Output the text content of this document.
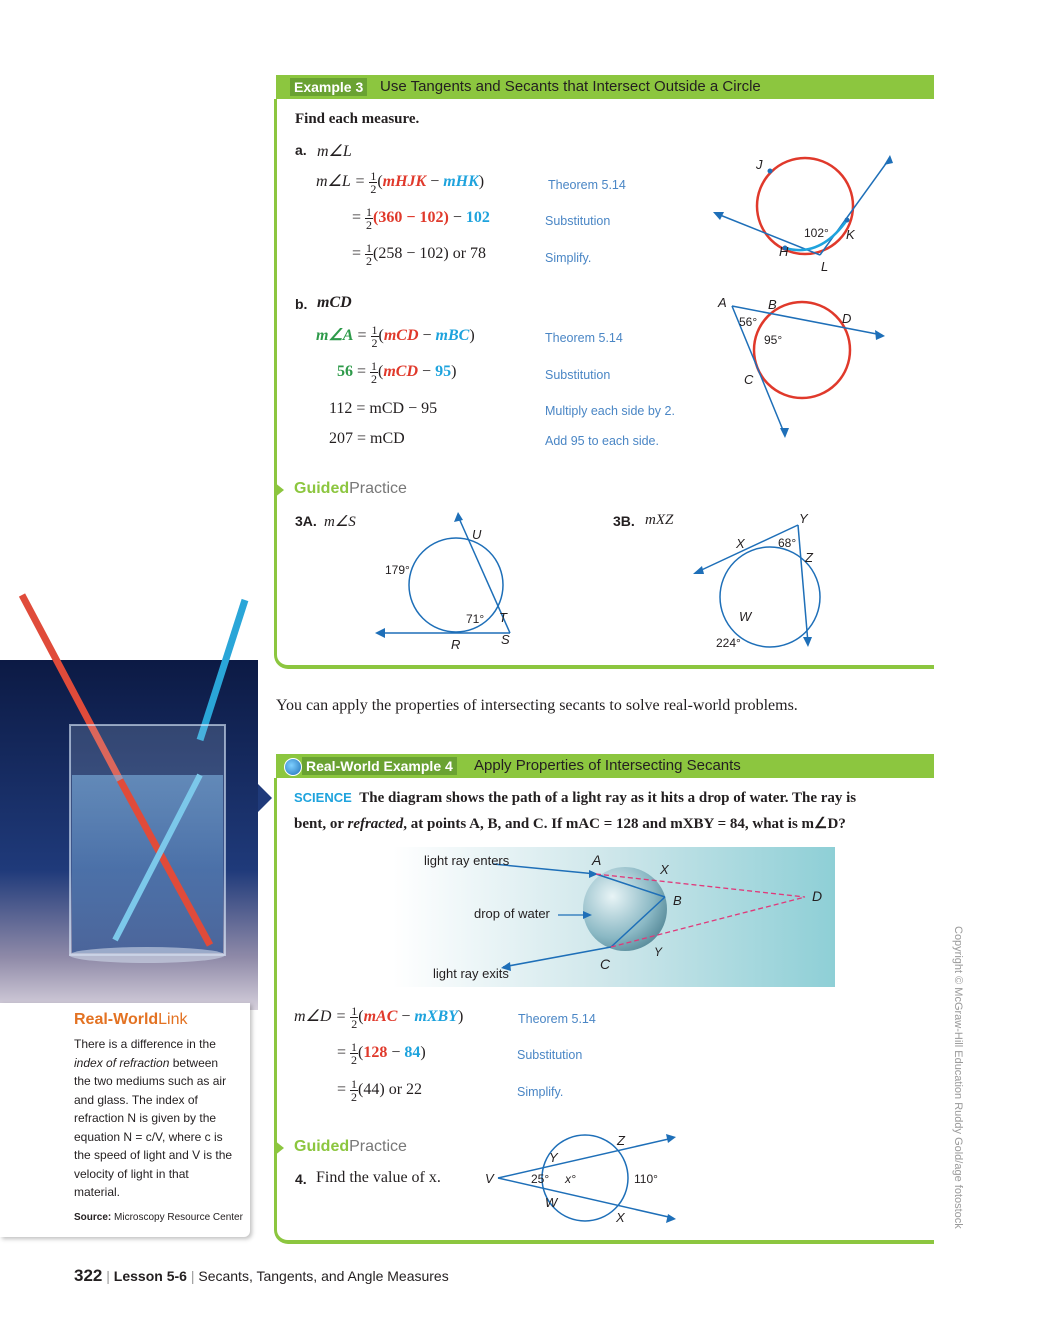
Example 3 Use Tangents and Secants that Intersect Outside a Circle
Find each measure.
a. m∠L
m∠L = $\frac{1}{2}$ (mHJK − mHK)	Theorem 5.14
= $\frac{1}{2} (360 - 102) - 102$	Substitution
= $\frac{1}{2} (258 - 102)$ or 78	Simplify.
J
K
H
L
102°
b. mCD
m∠A = $\frac{1}{2} (mCD - mBC)$	Theorem 5.14
$56 = \frac{1}{2} (mCD - 95)$	Substitution
112 = mCD − 95	Multiply each side by 2.
207 = mCD	Add 95 to each side.
A	B
D
C
56°
95°
GuidedPractice
3A. m∠S
U
179°
71° T
S
R
3B. mXZ	Y
X	68°
Z
W
224°
Real-WorldLink
There is a difference in the index of refraction between the two mediums such as air and glass. The index of refraction N is given by the equation N = c/V, where c is the speed of light and V is the velocity of light in that material.
Source: Microscopy Resource Center
You can apply the properties of intersecting secants to solve real-world problems.
Real-World Example 4 Apply Properties of Intersecting Secants
SCIENCE The diagram shows the path of a light ray as it hits a drop of water. The ray is
bent, or refracted, at points A, B, and C. If mAC = 128 and mXBY = 84, what is m∠D?
light ray enters
drop of water
light ray exits
A
X
B	D
Y
C
m∠D = $\frac{1}{2} (mAC$ − mXBY)	Theorem 5.14
= $\frac{1}{2} (128 - 84)$	Substitution
= $\frac{1}{2} (44)$ or 22	Simplify.
GuidedPractice
4. Find the value of x.	V
Y
Z
25° x°	110°
W
X	Copyright © McGraw-Hill Education Ruddy Gold/age fotostock
322 | Lesson 5-6 | Secants, Tangents, and Angle Measures
